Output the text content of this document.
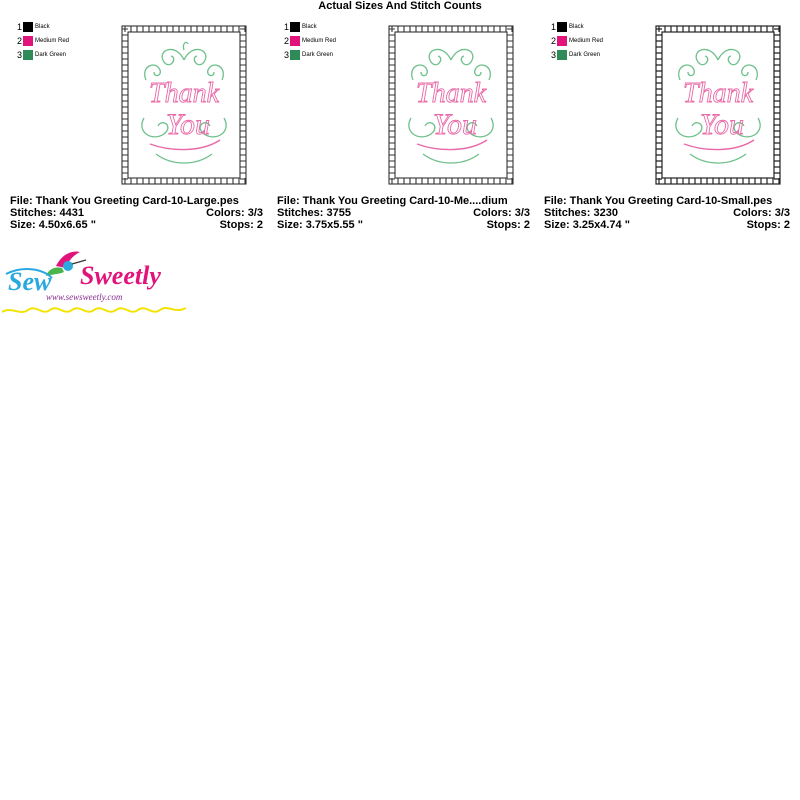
Actual Sizes And Stitch Counts
1 Black
2 Medium Red
3 Dark Green
Thank
You
File: Thank You Greeting Card-10-Large.pes
Stitches: 4431	Colors: 3/3
Size: 4.50x6.65 "	Stops: 2
1 Black
2 Medium Red
3 Dark Green
Thank
You
File: Thank You Greeting Card-10-Me....dium
Stitches: 3755	Colors: 3/3
Size: 3.75x5.55 "	Stops: 2
1 Black
2 Medium Red
3 Dark Green
Thank
You
File: Thank You Greeting Card-10-Small.pes
Stitches: 3230	Colors: 3/3
Size: 3.25x4.74 "	Stops: 2
Sew Sweetly
www.sewsweetly.com
